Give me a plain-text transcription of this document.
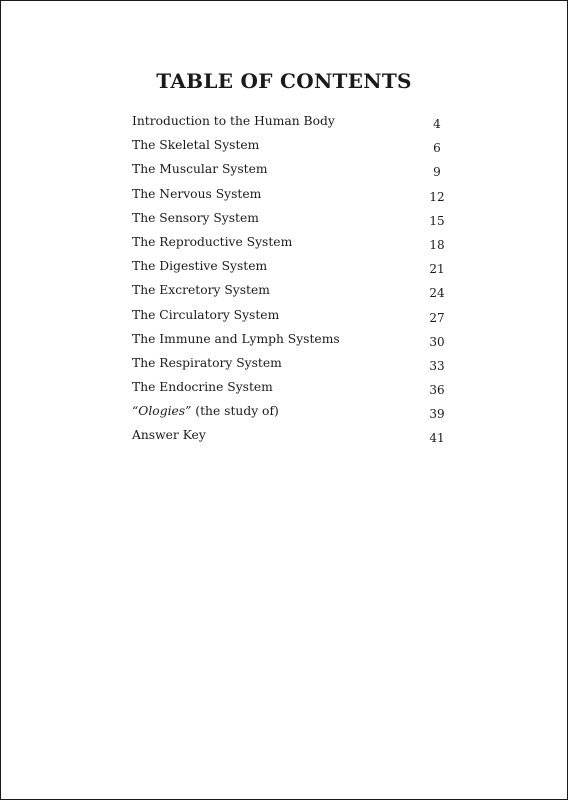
TABLE OF CONTENTS
Introduction to the Human Body	4
The Skeletal System	6
The Muscular System	9
The Nervous System	12
The Sensory System	15
The Reproductive System	18
The Digestive System	21
The Excretory System	24
The Circulatory System	27
The Immune and Lymph Systems	30
The Respiratory System	33
The Endocrine System	36
“Ologies” (the study of)	39
Answer Key	41
